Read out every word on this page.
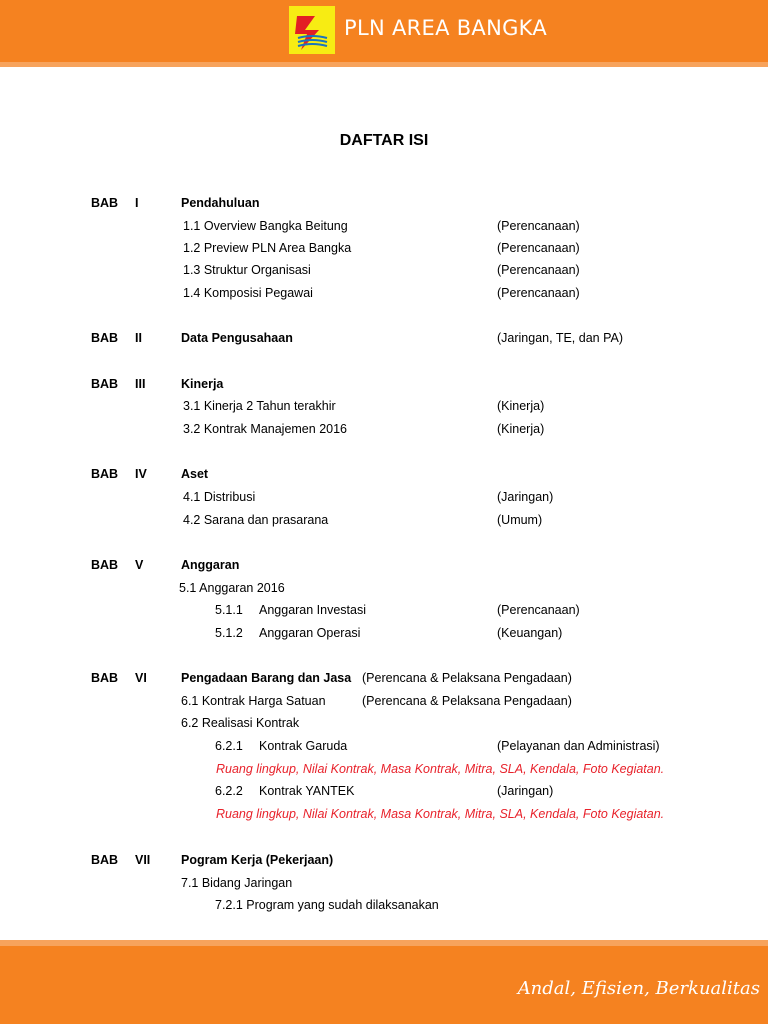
PLN AREA BANGKA
DAFTAR ISI
BAB I	Pendahuluan
1.1 Overview Bangka Beitung	(Perencanaan)
1.2 Preview PLN Area Bangka	(Perencanaan)
1.3 Struktur Organisasi	(Perencanaan)
1.4 Komposisi Pegawai	(Perencanaan)
BAB II	Data Pengusahaan	(Jaringan, TE, dan PA)
BAB III	Kinerja
3.1 Kinerja 2 Tahun terakhir	(Kinerja)
3.2 Kontrak Manajemen 2016	(Kinerja)
BAB IV	Aset
4.1 Distribusi	(Jaringan)
4.2 Sarana dan prasarana	(Umum)
BAB V	Anggaran
5.1 Anggaran 2016
5.1.1 Anggaran Investasi	(Perencanaan)
5.1.2 Anggaran Operasi	(Keuangan)
BAB VI	Pengadaan Barang dan Jasa (Perencana & Pelaksana Pengadaan)
6.1 Kontrak Harga Satuan	(Perencana & Pelaksana Pengadaan)
6.2 Realisasi Kontrak
6.2.1 Kontrak Garuda	(Pelayanan dan Administrasi)
Ruang lingkup, Nilai Kontrak, Masa Kontrak, Mitra, SLA, Kendala, Foto Kegiatan.
6.2.2 Kontrak YANTEK	(Jaringan)
Ruang lingkup, Nilai Kontrak, Masa Kontrak, Mitra, SLA, Kendala, Foto Kegiatan.
BAB VII Pogram Kerja (Pekerjaan)
7.1 Bidang Jaringan
7.2.1 Program yang sudah dilaksanakan
Andal, Efisien, Berkualitas
